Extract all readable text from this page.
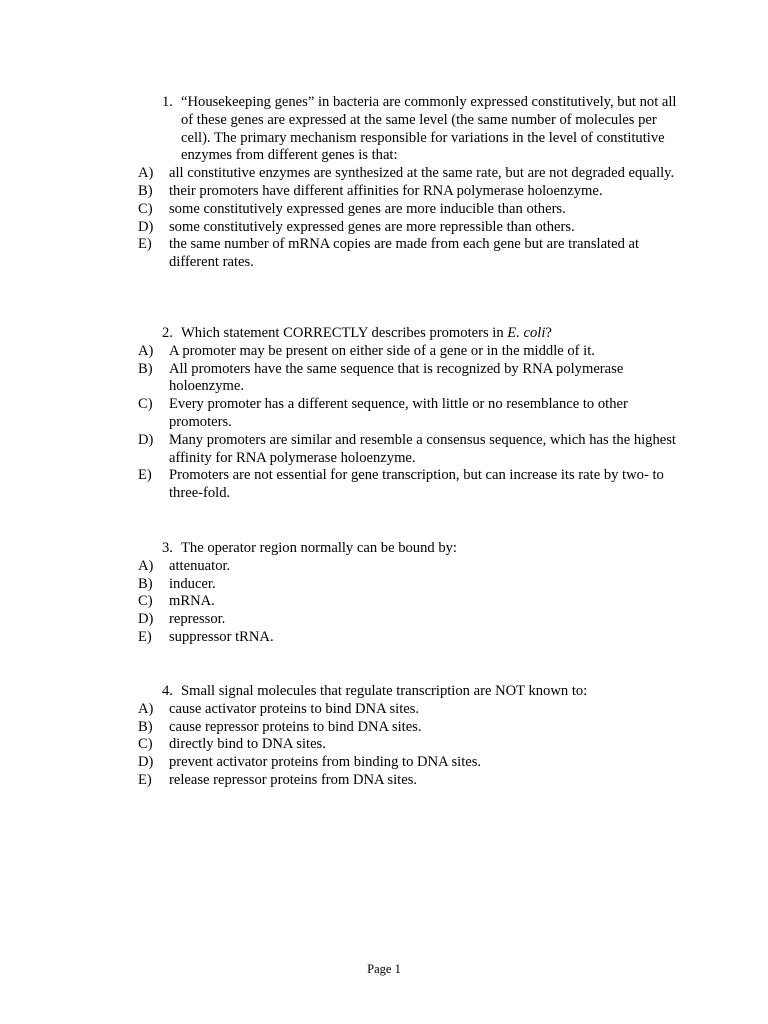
1. “Housekeeping genes” in bacteria are commonly expressed constitutively, but not all of these genes are expressed at the same level (the same number of molecules per cell). The primary mechanism responsible for variations in the level of constitutive enzymes from different genes is that:

A) all constitutive enzymes are synthesized at the same rate, but are not degraded equally.
B) their promoters have different affinities for RNA polymerase holoenzyme.
C) some constitutively expressed genes are more inducible than others.
D) some constitutively expressed genes are more repressible than others.
E) the same number of mRNA copies are made from each gene but are translated at different rates.

2. Which statement CORRECTLY describes promoters in E. coli?

A) A promoter may be present on either side of a gene or in the middle of it.
B) All promoters have the same sequence that is recognized by RNA polymerase holoenzyme.
C) Every promoter has a different sequence, with little or no resemblance to other promoters.
D) Many promoters are similar and resemble a consensus sequence, which has the highest affinity for RNA polymerase holoenzyme.
E) Promoters are not essential for gene transcription, but can increase its rate by two- to three-fold.

3. The operator region normally can be bound by:

A) attenuator.
B) inducer.
C) mRNA.
D) repressor.
E) suppressor tRNA.

4. Small signal molecules that regulate transcription are NOT known to:

A) cause activator proteins to bind DNA sites.
B) cause repressor proteins to bind DNA sites.
C) directly bind to DNA sites.
D) prevent activator proteins from binding to DNA sites.
E) release repressor proteins from DNA sites.
Page 1
